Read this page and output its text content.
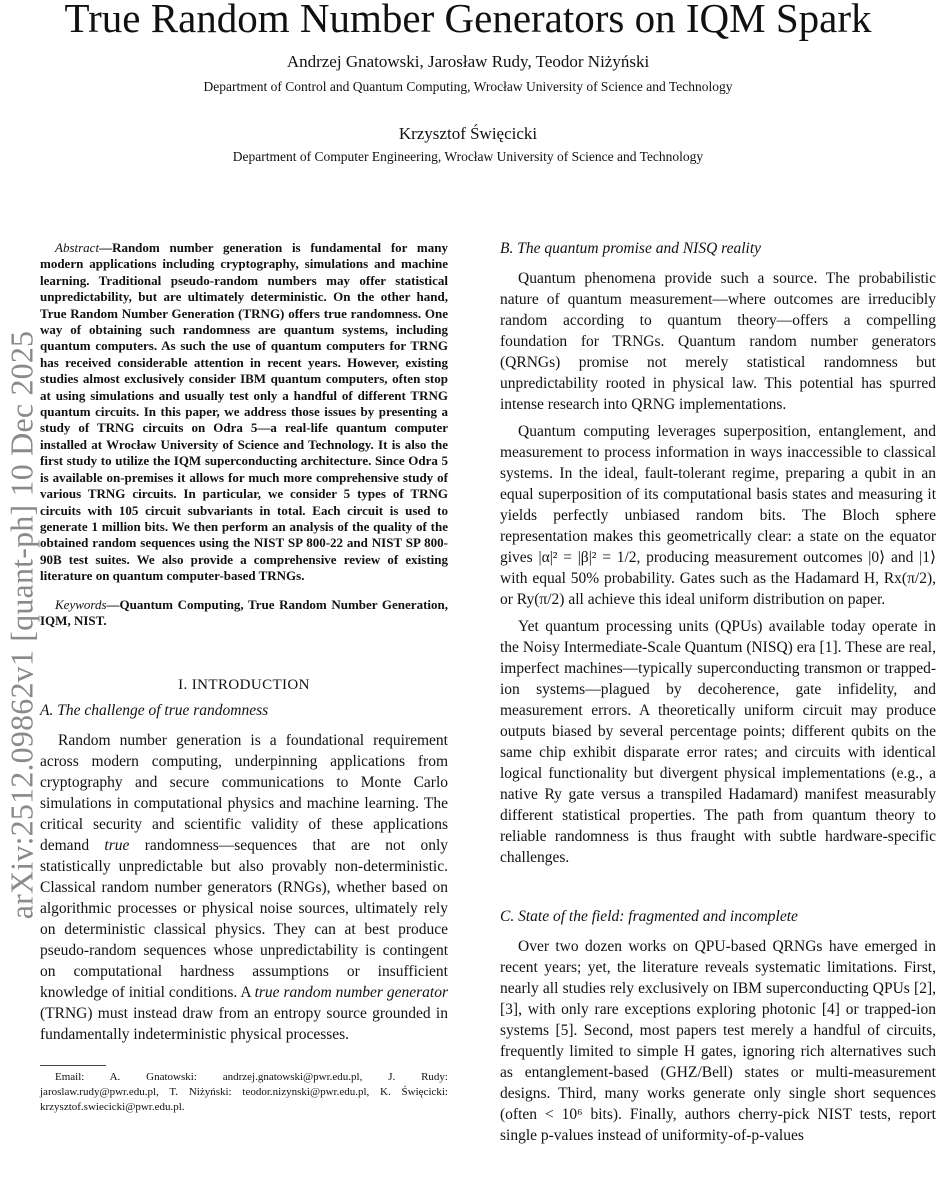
arXiv:2512.09862v1 [quant-ph] 10 Dec 2025
True Random Number Generators on IQM Spark
Andrzej Gnatowski, Jarosław Rudy, Teodor Niżyński
Department of Control and Quantum Computing, Wrocław University of Science and Technology
Krzysztof Święcicki
Department of Computer Engineering, Wrocław University of Science and Technology

Abstract—Random number generation is fundamental for many modern applications including cryptography, simulations and machine learning. Traditional pseudo-random numbers may offer statistical unpredictability, but are ultimately deterministic. On the other hand, True Random Number Generation (TRNG) offers true randomness. One way of obtaining such randomness are quantum systems, including quantum computers. As such the use of quantum computers for TRNG has received considerable attention in recent years. However, existing studies almost exclusively consider IBM quantum computers, often stop at using simulations and usually test only a handful of different TRNG quantum circuits. In this paper, we address those issues by presenting a study of TRNG circuits on Odra 5—a real-life quantum computer installed at Wrocław University of Science and Technology. It is also the first study to utilize the IQM superconducting architecture. Since Odra 5 is available on-premises it allows for much more comprehensive study of various TRNG circuits. In particular, we consider 5 types of TRNG circuits with 105 circuit subvariants in total. Each circuit is used to generate 1 million bits. We then perform an analysis of the quality of the obtained random sequences using the NIST SP 800-22 and NIST SP 800-90B test suites. We also provide a comprehensive review of existing literature on quantum computer-based TRNGs.

Keywords—Quantum Computing, True Random Number Generation, IQM, NIST.

I. INTRODUCTION
A. The challenge of true randomness

Random number generation is a foundational requirement across modern computing, underpinning applications from cryptography and secure communications to Monte Carlo simulations in computational physics and machine learning. The critical security and scientific validity of these applications demand true randomness—sequences that are not only statistically unpredictable but also provably non-deterministic. Classical random number generators (RNGs), whether based on algorithmic processes or physical noise sources, ultimately rely on deterministic classical physics. They can at best produce pseudo-random sequences whose unpredictability is contingent on computational hardness assumptions or insufficient knowledge of initial conditions. A true random number generator (TRNG) must instead draw from an entropy source grounded in fundamentally indeterministic physical processes.

Email: A. Gnatowski: andrzej.gnatowski@pwr.edu.pl, J. Rudy: jaroslaw.rudy@pwr.edu.pl, T. Niżyński: teodor.nizynski@pwr.edu.pl, K. Święcicki: krzysztof.swiecicki@pwr.edu.pl.

B. The quantum promise and NISQ reality

Quantum phenomena provide such a source. The probabilistic nature of quantum measurement—where outcomes are irreducibly random according to quantum theory—offers a compelling foundation for TRNGs. Quantum random number generators (QRNGs) promise not merely statistical randomness but unpredictability rooted in physical law. This potential has spurred intense research into QRNG implementations.

Quantum computing leverages superposition, entanglement, and measurement to process information in ways inaccessible to classical systems. In the ideal, fault-tolerant regime, preparing a qubit in an equal superposition of its computational basis states and measuring it yields perfectly unbiased random bits. The Bloch sphere representation makes this geometrically clear: a state on the equator gives |α|² = |β|² = 1/2, producing measurement outcomes |0⟩ and |1⟩ with equal 50% probability. Gates such as the Hadamard H, Rx(π/2), or Ry(π/2) all achieve this ideal uniform distribution on paper.

Yet quantum processing units (QPUs) available today operate in the Noisy Intermediate-Scale Quantum (NISQ) era [1]. These are real, imperfect machines—typically superconducting transmon or trapped-ion systems—plagued by decoherence, gate infidelity, and measurement errors. A theoretically uniform circuit may produce outputs biased by several percentage points; different qubits on the same chip exhibit disparate error rates; and circuits with identical logical functionality but divergent physical implementations (e.g., a native Ry gate versus a transpiled Hadamard) manifest measurably different statistical properties. The path from quantum theory to reliable randomness is thus fraught with subtle hardware-specific challenges.

C. State of the field: fragmented and incomplete

Over two dozen works on QPU-based QRNGs have emerged in recent years; yet, the literature reveals systematic limitations. First, nearly all studies rely exclusively on IBM superconducting QPUs [2], [3], with only rare exceptions exploring photonic [4] or trapped-ion systems [5]. Second, most papers test merely a handful of circuits, frequently limited to simple H gates, ignoring rich alternatives such as entanglement-based (GHZ/Bell) states or multi-measurement designs. Third, many works generate only single short sequences (often < 10⁶ bits). Finally, authors cherry-pick NIST tests, report single p-values instead of uniformity-of-p-values
